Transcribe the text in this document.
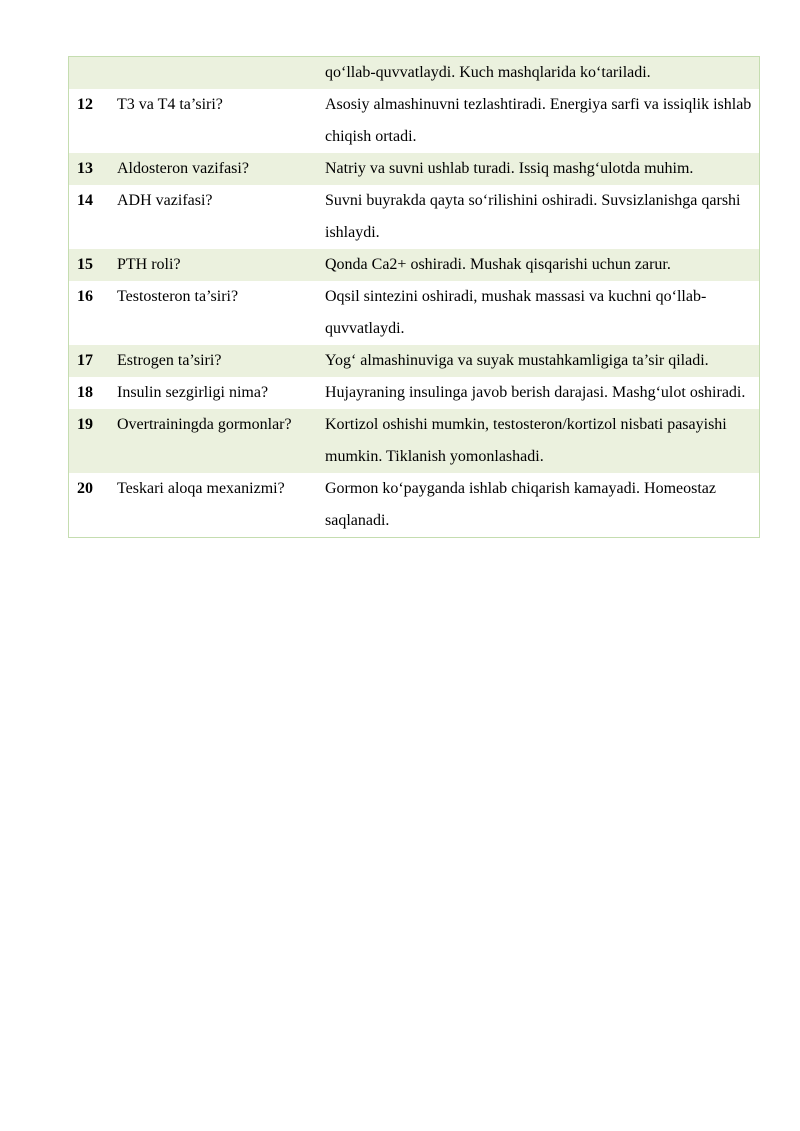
		qo‘llab-quvvatlaydi. Kuch mashqlarida ko‘tariladi.
12	T3 va T4 ta’siri?	Asosiy almashinuvni tezlashtiradi. Energiya sarfi va issiqlik ishlab chiqish ortadi.
13	Aldosteron vazifasi?	Natriy va suvni ushlab turadi. Issiq mashg‘ulotda muhim.
14	ADH vazifasi?	Suvni buyrakda qayta so‘rilishini oshiradi. Suvsizlanishga qarshi ishlaydi.
15	PTH roli?	Qonda Ca2+ oshiradi. Mushak qisqarishi uchun zarur.
16	Testosteron ta’siri?	Oqsil sintezini oshiradi, mushak massasi va kuchni qo‘llab-quvvatlaydi.
17	Estrogen ta’siri?	Yog‘ almashinuviga va suyak mustahkamligiga ta’sir qiladi.
18	Insulin sezgirligi nima?	Hujayraning insulinga javob berish darajasi. Mashg‘ulot oshiradi.
19	Overtrainingda gormonlar?	Kortizol oshishi mumkin, testosteron/kortizol nisbati pasayishi mumkin. Tiklanish yomonlashadi.
20	Teskari aloqa mexanizmi?	Gormon ko‘payganda ishlab chiqarish kamayadi. Homeostaz saqlanadi.
